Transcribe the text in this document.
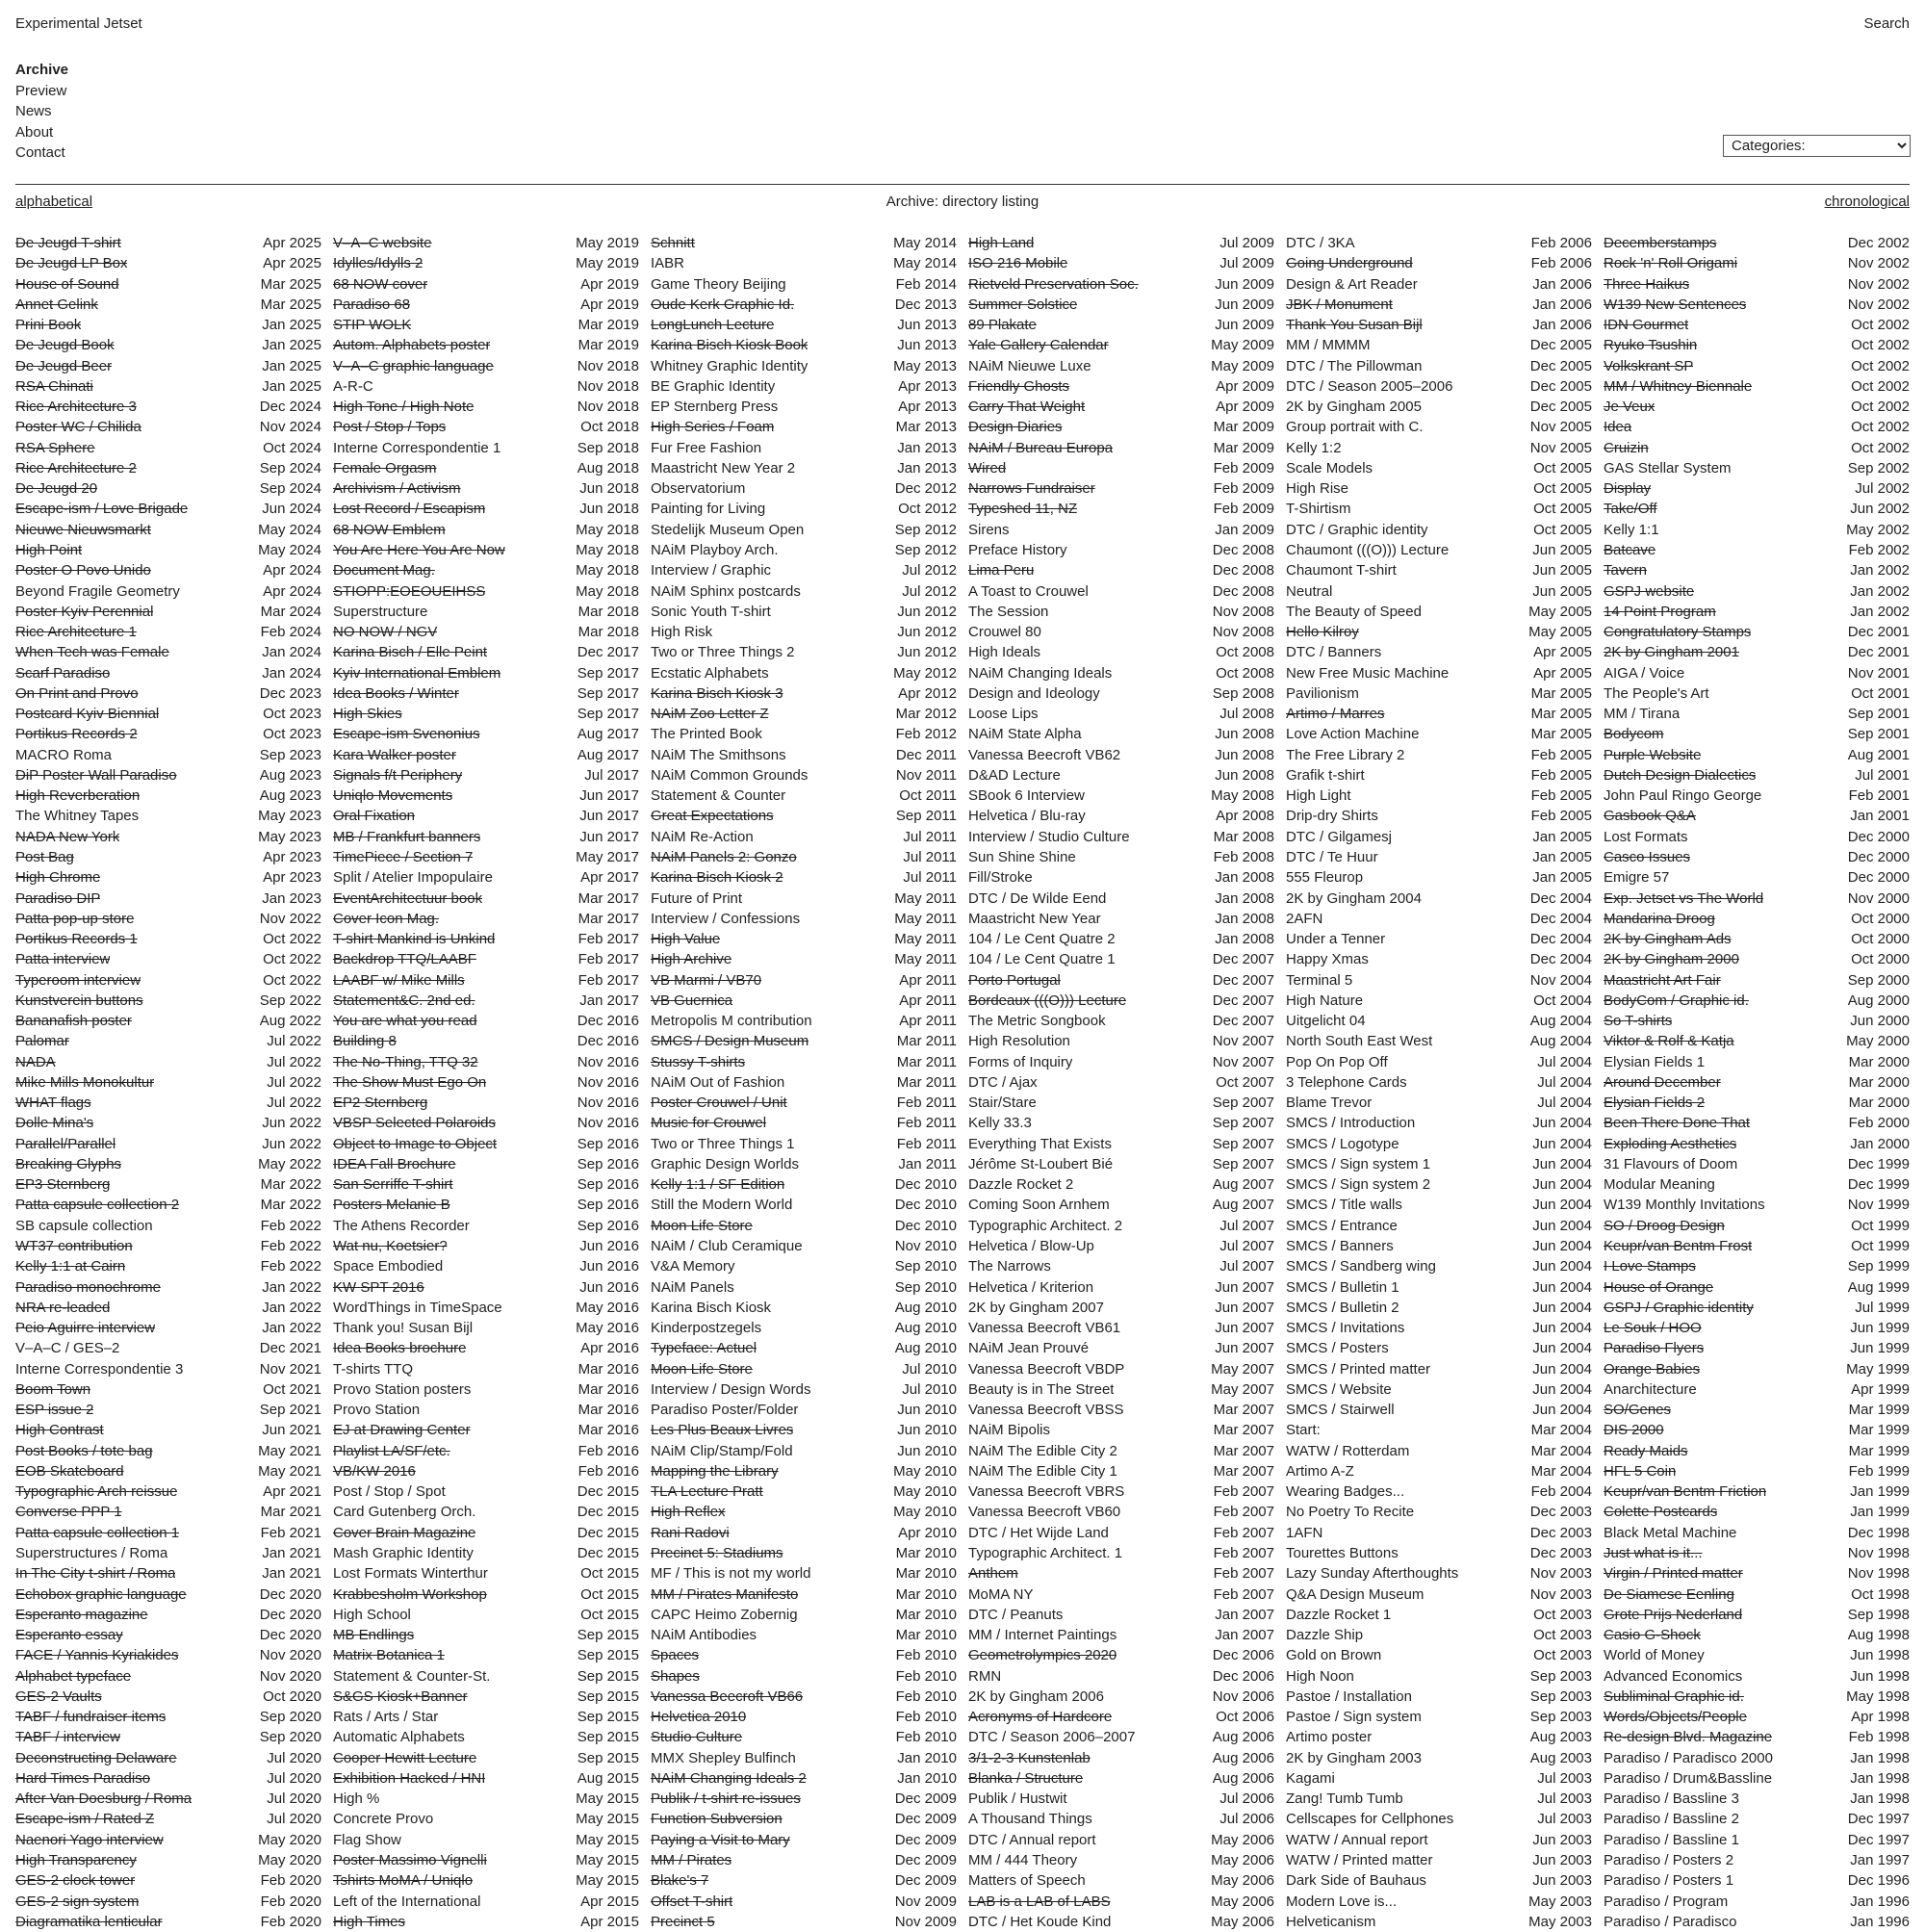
Experimental Jetset	Search
Archive
Preview
News
About
Contact
Categories:
alphabetical	Archive: directory listing	chronological
De Jeugd T-shirt	Apr 2025
De Jeugd LP Box	Apr 2025
House of Sound	Mar 2025
Annet Gelink	Mar 2025
Prini Book	Jan 2025
De Jeugd Book	Jan 2025
De Jeugd Beer	Jan 2025
RSA Chinati	Jan 2025
Rice Architecture 3	Dec 2024
Poster WC / Chilida	Nov 2024
RSA Sphere	Oct 2024
Rice Architecture 2	Sep 2024
De Jeugd 20	Sep 2024
Escape-ism / Love Brigade	Jun 2024
Nieuwe Nieuwsmarkt	May 2024
High Point	May 2024
Poster O Povo Unido	Apr 2024
Beyond Fragile Geometry	Apr 2024
Poster Kyiv Perennial	Mar 2024
Rice Architecture 1	Feb 2024
When Tech was Female	Jan 2024
Scarf Paradiso	Jan 2024
On Print and Provo	Dec 2023
Postcard Kyiv Biennial	Oct 2023
Portikus Records 2	Oct 2023
MACRO Roma	Sep 2023
DiP Poster Wall Paradiso	Aug 2023
High Reverberation	Aug 2023
The Whitney Tapes	May 2023
NADA New York	May 2023
Post Bag	Apr 2023
High Chrome	Apr 2023
Paradiso DIP	Jan 2023
Patta pop-up store	Nov 2022
Portikus Records 1	Oct 2022
Patta interview	Oct 2022
Typeroom interview	Oct 2022
Kunstverein buttons	Sep 2022
Bananafish poster	Aug 2022
Palomar	Jul 2022
NADA	Jul 2022
Mike Mills Monokultur	Jul 2022
WHAT flags	Jul 2022
Dolle Mina's	Jun 2022
Parallel/Parallel	Jun 2022
Breaking Glyphs	May 2022
EP3 Sternberg	Mar 2022
Patta capsule collection 2	Mar 2022
SB capsule collection	Feb 2022
WT37 contribution	Feb 2022
Kelly 1:1 at Cairn	Feb 2022
Paradiso monochrome	Jan 2022
NRA re-leaded	Jan 2022
Peio Aguirre interview	Jan 2022
V–A–C / GES–2	Dec 2021
Interne Correspondentie 3	Nov 2021
Boom Town	Oct 2021
ESP issue 2	Sep 2021
High Contrast	Jun 2021
Post Books / tote bag	May 2021
EOB Skateboard	May 2021
Typographic Arch reissue	Apr 2021
Converse PPP 1	Mar 2021
Patta capsule collection 1	Feb 2021
Superstructures / Roma	Jan 2021
In The City t-shirt / Roma	Jan 2021
Echobox graphic language	Dec 2020
Esperanto magazine	Dec 2020
Esperanto essay	Dec 2020
FACE / Yannis Kyriakides	Nov 2020
Alphabet typeface	Nov 2020
GES-2 Vaults	Oct 2020
TABF / fundraiser items	Sep 2020
TABF / interview	Sep 2020
Deconstructing Delaware	Jul 2020
Hard Times Paradiso	Jul 2020
After Van Doesburg / Roma	Jul 2020
Escape-ism / Rated Z	Jul 2020
Naenori Yago interview	May 2020
High Transparency	May 2020
GES-2 clock tower	Feb 2020
GES-2 sign system	Feb 2020
Diagramatika lenticular	Feb 2020
V–A–C website	May 2019
Idylles/Idylls 2	May 2019
68 NOW cover	Apr 2019
Paradiso 68	Apr 2019
STIP WOLK	Mar 2019
Autom. Alphabets poster	Mar 2019
V–A–C graphic language	Nov 2018
A-R-C	Nov 2018
High Tone / High Note	Nov 2018
Post / Stop / Tops	Oct 2018
Interne Correspondentie 1	Sep 2018
Female Orgasm	Aug 2018
Archivism / Activism	Jun 2018
Lost Record / Escapism	Jun 2018
68 NOW Emblem	May 2018
You Are Here You Are Now	May 2018
Document Mag.	May 2018
STIOPP:EOEOUEIHSS	May 2018
Superstructure	Mar 2018
NO NOW / NGV	Mar 2018
Karina Bisch / Elle Peint	Dec 2017
Kyiv International Emblem	Sep 2017
Idea Books / Winter	Sep 2017
High Skies	Sep 2017
Escape-ism Svenonius	Aug 2017
Kara Walker poster	Aug 2017
Signals f/t Periphery	Jul 2017
Uniqlo Movements	Jun 2017
Oral Fixation	Jun 2017
MB / Frankfurt banners	Jun 2017
TimePiece / Section 7	May 2017
Split / Atelier Impopulaire	Apr 2017
EventArchitectuur book	Mar 2017
Cover Icon Mag.	Mar 2017
T-shirt Mankind is Unkind	Feb 2017
Backdrop TTQ/LAABF	Feb 2017
LAABF w/ Mike Mills	Feb 2017
Statement&C. 2nd ed.	Jan 2017
You are what you read	Dec 2016
Building 8	Dec 2016
The No-Thing, TTQ 32	Nov 2016
The Show Must Ego On	Nov 2016
EP2 Sternberg	Nov 2016
VBSP Selected Polaroids	Nov 2016
Object to Image to Object	Sep 2016
IDEA Fall Brochure	Sep 2016
San Serriffe T-shirt	Sep 2016
Posters Melanie B	Sep 2016
The Athens Recorder	Sep 2016
Wat nu, Koetsier?	Jun 2016
Space Embodied	Jun 2016
KW SPT 2016	Jun 2016
WordThings in TimeSpace	May 2016
Thank you! Susan Bijl	May 2016
Idea Books brochure	Apr 2016
T-shirts TTQ	Mar 2016
Provo Station posters	Mar 2016
Provo Station	Mar 2016
EJ at Drawing Center	Mar 2016
Playlist LA/SF/etc.	Feb 2016
VB/KW 2016	Feb 2016
Post / Stop / Spot	Dec 2015
Card Gutenberg Orch.	Dec 2015
Cover Brain Magazine	Dec 2015
Mash Graphic Identity	Dec 2015
Lost Formats Winterthur	Oct 2015
Krabbesholm Workshop	Oct 2015
High School	Oct 2015
MB Endlings	Sep 2015
Matrix Botanica 1	Sep 2015
Statement & Counter-St.	Sep 2015
S&GS Kiosk+Banner	Sep 2015
Rats / Arts / Star	Sep 2015
Automatic Alphabets	Sep 2015
Cooper Hewitt Lecture	Sep 2015
Exhibition Hacked / HNI	Aug 2015
High %	May 2015
Concrete Provo	May 2015
Flag Show	May 2015
Poster Massimo Vignelli	May 2015
Tshirts MoMA / Uniqlo	May 2015
Left of the International	Apr 2015
High Times	Apr 2015
Schnitt	May 2014
IABR	May 2014
Game Theory Beijing	Feb 2014
Oude Kerk Graphic Id.	Dec 2013
LongLunch Lecture	Jun 2013
Karina Bisch Kiosk Book	Jun 2013
Whitney Graphic Identity	May 2013
BE Graphic Identity	Apr 2013
EP Sternberg Press	Apr 2013
High Series / Foam	Mar 2013
Fur Free Fashion	Jan 2013
Maastricht New Year 2	Jan 2013
Observatorium	Dec 2012
Painting for Living	Oct 2012
Stedelijk Museum Open	Sep 2012
NAiM Playboy Arch.	Sep 2012
Interview / Graphic	Jul 2012
NAiM Sphinx postcards	Jul 2012
Sonic Youth T-shirt	Jun 2012
High Risk	Jun 2012
Two or Three Things 2	Jun 2012
Ecstatic Alphabets	May 2012
Karina Bisch Kiosk 3	Apr 2012
NAiM Zoo Letter Z	Mar 2012
The Printed Book	Feb 2012
NAiM The Smithsons	Dec 2011
NAiM Common Grounds	Nov 2011
Statement & Counter	Oct 2011
Great Expectations	Sep 2011
NAiM Re-Action	Jul 2011
NAiM Panels 2: Gonzo	Jul 2011
Karina Bisch Kiosk 2	Jul 2011
Future of Print	May 2011
Interview / Confessions	May 2011
High Value	May 2011
High Archive	May 2011
VB Marmi / VB70	Apr 2011
VB Guernica	Apr 2011
Metropolis M contribution	Apr 2011
SMCS / Design Museum	Mar 2011
Stussy T-shirts	Mar 2011
NAiM Out of Fashion	Mar 2011
Poster Crouwel / Unit	Feb 2011
Music for Crouwel	Feb 2011
Two or Three Things 1	Feb 2011
Graphic Design Worlds	Jan 2011
Kelly 1:1 / SF Edition	Dec 2010
Still the Modern World	Dec 2010
Moon Life Store	Dec 2010
NAiM / Club Ceramique	Nov 2010
V&A Memory	Sep 2010
NAiM Panels	Sep 2010
Karina Bisch Kiosk	Aug 2010
Kinderpostzegels	Aug 2010
Typeface: Actuel	Aug 2010
Moon Life Store	Jul 2010
Interview / Design Words	Jul 2010
Paradiso Poster/Folder	Jun 2010
Les Plus Beaux Livres	Jun 2010
NAiM Clip/Stamp/Fold	Jun 2010
Mapping the Library	May 2010
TLA Lecture Pratt	May 2010
High Reflex	May 2010
Rani Radovi	Apr 2010
Precinct 5: Stadiums	Mar 2010
MF / This is not my world	Mar 2010
MM / Pirates Manifesto	Mar 2010
CAPC Heimo Zobernig	Mar 2010
NAiM Antibodies	Mar 2010
Spaces	Feb 2010
Shapes	Feb 2010
Vanessa Beecroft VB66	Feb 2010
Helvetica 2010	Feb 2010
Studio Culture	Feb 2010
MMX Shepley Bulfinch	Jan 2010
NAiM Changing Ideals 2	Jan 2010
Publik / t-shirt re-issues	Dec 2009
Function Subversion	Dec 2009
Paying a Visit to Mary	Dec 2009
MM / Pirates	Dec 2009
Blake's 7	Dec 2009
Offset T-shirt	Nov 2009
Precinct 5	Nov 2009
High Land	Jul 2009
ISO 216 Mobile	Jul 2009
Rietveld Preservation Soc.	Jun 2009
Summer Solstice	Jun 2009
89 Plakate	Jun 2009
Yale Gallery Calendar	May 2009
NAiM Nieuwe Luxe	May 2009
Friendly Ghosts	Apr 2009
Carry That Weight	Apr 2009
Design Diaries	Mar 2009
NAiM / Bureau Europa	Mar 2009
Wired	Feb 2009
Narrows Fundraiser	Feb 2009
Typeshed 11, NZ	Feb 2009
Sirens	Jan 2009
Preface History	Dec 2008
Lima Peru	Dec 2008
A Toast to Crouwel	Dec 2008
The Session	Nov 2008
Crouwel 80	Nov 2008
High Ideals	Oct 2008
NAiM Changing Ideals	Oct 2008
Design and Ideology	Sep 2008
Loose Lips	Jul 2008
NAiM State Alpha	Jun 2008
Vanessa Beecroft VB62	Jun 2008
D&AD Lecture	Jun 2008
SBook 6 Interview	May 2008
Helvetica / Blu-ray	Apr 2008
Interview / Studio Culture	Mar 2008
Sun Shine Shine	Feb 2008
Fill/Stroke	Jan 2008
DTC / De Wilde Eend	Jan 2008
Maastricht New Year	Jan 2008
104 / Le Cent Quatre 2	Jan 2008
104 / Le Cent Quatre 1	Dec 2007
Porto Portugal	Dec 2007
Bordeaux (((O))) Lecture	Dec 2007
The Metric Songbook	Dec 2007
High Resolution	Nov 2007
Forms of Inquiry	Nov 2007
DTC / Ajax	Oct 2007
Stair/Stare	Sep 2007
Kelly 33.3	Sep 2007
Everything That Exists	Sep 2007
Jérôme St-Loubert Bié	Sep 2007
Dazzle Rocket 2	Aug 2007
Coming Soon Arnhem	Aug 2007
Typographic Architect. 2	Jul 2007
Helvetica / Blow-Up	Jul 2007
The Narrows	Jul 2007
Helvetica / Kriterion	Jun 2007
2K by Gingham 2007	Jun 2007
Vanessa Beecroft VB61	Jun 2007
NAiM Jean Prouvé	Jun 2007
Vanessa Beecroft VBDP	May 2007
Beauty is in The Street	May 2007
Vanessa Beecroft VBSS	Mar 2007
NAiM Bipolis	Mar 2007
NAiM The Edible City 2	Mar 2007
NAiM The Edible City 1	Mar 2007
Vanessa Beecroft VBRS	Feb 2007
Vanessa Beecroft VB60	Feb 2007
DTC / Het Wijde Land	Feb 2007
Typographic Architect. 1	Feb 2007
Anthem	Feb 2007
MoMA NY	Feb 2007
DTC / Peanuts	Jan 2007
MM / Internet Paintings	Jan 2007
Geometrolympics 2020	Dec 2006
RMN	Dec 2006
2K by Gingham 2006	Nov 2006
Acronyms of Hardcore	Oct 2006
DTC / Season 2006–2007	Aug 2006
3/1-2-3 Kunstenlab	Aug 2006
Blanka / Structure	Aug 2006
Publik / Hustwit	Jul 2006
A Thousand Things	Jul 2006
DTC / Annual report	May 2006
MM / 444 Theory	May 2006
Matters of Speech	May 2006
LAB is a LAB of LABS	May 2006
DTC / Het Koude Kind	May 2006
DTC / 3KA	Feb 2006
Going Underground	Feb 2006
Design & Art Reader	Jan 2006
JBK / Monument	Jan 2006
Thank You Susan Bijl	Jan 2006
MM / MMMM	Dec 2005
DTC / The Pillowman	Dec 2005
DTC / Season 2005–2006	Dec 2005
2K by Gingham 2005	Dec 2005
Group portrait with C.	Nov 2005
Kelly 1:2	Nov 2005
Scale Models	Oct 2005
High Rise	Oct 2005
T-Shirtism	Oct 2005
DTC / Graphic identity	Oct 2005
Chaumont (((O))) Lecture	Jun 2005
Chaumont T-shirt	Jun 2005
Neutral	Jun 2005
The Beauty of Speed	May 2005
Hello Kilroy	May 2005
DTC / Banners	Apr 2005
New Free Music Machine	Apr 2005
Pavilionism	Mar 2005
Artimo / Marres	Mar 2005
Love Action Machine	Mar 2005
The Free Library 2	Feb 2005
Grafik t-shirt	Feb 2005
High Light	Feb 2005
Drip-dry Shirts	Feb 2005
DTC / Gilgamesj	Jan 2005
DTC / Te Huur	Jan 2005
555 Fleurop	Jan 2005
2K by Gingham 2004	Dec 2004
2AFN	Dec 2004
Under a Tenner	Dec 2004
Happy Xmas	Dec 2004
Terminal 5	Nov 2004
High Nature	Oct 2004
Uitgelicht 04	Aug 2004
North South East West	Aug 2004
Pop On Pop Off	Jul 2004
3 Telephone Cards	Jul 2004
Blame Trevor	Jul 2004
SMCS / Introduction	Jun 2004
SMCS / Logotype	Jun 2004
SMCS / Sign system 1	Jun 2004
SMCS / Sign system 2	Jun 2004
SMCS / Title walls	Jun 2004
SMCS / Entrance	Jun 2004
SMCS / Banners	Jun 2004
SMCS / Sandberg wing	Jun 2004
SMCS / Bulletin 1	Jun 2004
SMCS / Bulletin 2	Jun 2004
SMCS / Invitations	Jun 2004
SMCS / Posters	Jun 2004
SMCS / Printed matter	Jun 2004
SMCS / Website	Jun 2004
SMCS / Stairwell	Jun 2004
Start:	Mar 2004
WATW / Rotterdam	Mar 2004
Artimo A-Z	Mar 2004
Wearing Badges...	Feb 2004
No Poetry To Recite	Dec 2003
1AFN	Dec 2003
Tourettes Buttons	Dec 2003
Lazy Sunday Afterthoughts	Nov 2003
Q&A Design Museum	Nov 2003
Dazzle Rocket 1	Oct 2003
Dazzle Ship	Oct 2003
Gold on Brown	Oct 2003
High Noon	Sep 2003
Pastoe / Installation	Sep 2003
Pastoe / Sign system	Sep 2003
Artimo poster	Aug 2003
2K by Gingham 2003	Aug 2003
Kagami	Jul 2003
Zang! Tumb Tumb	Jul 2003
Cellscapes for Cellphones	Jul 2003
WATW / Annual report	Jun 2003
WATW / Printed matter	Jun 2003
Dark Side of Bauhaus	Jun 2003
Modern Love is...	May 2003
Helveticanism	May 2003
Decemberstamps	Dec 2002
Rock 'n' Roll Origami	Nov 2002
Three Haikus	Nov 2002
W139 New Sentences	Nov 2002
IDN Gourmet	Oct 2002
Ryuko Tsushin	Oct 2002
Volkskrant SP	Oct 2002
MM / Whitney Biennale	Oct 2002
Je Veux	Oct 2002
Idea	Oct 2002
Cruizin	Oct 2002
GAS Stellar System	Sep 2002
Display	Jul 2002
Take/Off	Jun 2002
Kelly 1:1	May 2002
Batcave	Feb 2002
Tavern	Jan 2002
GSPJ website	Jan 2002
14 Point Program	Jan 2002
Congratulatory Stamps	Dec 2001
2K by Gingham 2001	Dec 2001
AIGA / Voice	Nov 2001
The People's Art	Oct 2001
MM / Tirana	Sep 2001
Bodycom	Sep 2001
Purple Website	Aug 2001
Dutch Design Dialectics	Jul 2001
John Paul Ringo George	Feb 2001
Gasbook Q&A	Jan 2001
Lost Formats	Dec 2000
Casco Issues	Dec 2000
Emigre 57	Dec 2000
Exp. Jetset vs The World	Nov 2000
Mandarina Droog	Oct 2000
2K by Gingham Ads	Oct 2000
2K by Gingham 2000	Oct 2000
Maastricht Art Fair	Sep 2000
BodyCom / Graphic id.	Aug 2000
So T-shirts	Jun 2000
Viktor & Rolf & Katja	May 2000
Elysian Fields 1	Mar 2000
Around December	Mar 2000
Elysian Fields 2	Mar 2000
Been There Done That	Feb 2000
Exploding Aesthetics	Jan 2000
31 Flavours of Doom	Dec 1999
Modular Meaning	Dec 1999
W139 Monthly Invitations	Nov 1999
SO / Droog Design	Oct 1999
Keupr/van Bentm Frost	Oct 1999
I Love Stamps	Sep 1999
House of Orange	Aug 1999
GSPJ / Graphic identity	Jul 1999
Le Souk / HOO	Jun 1999
Paradiso Flyers	Jun 1999
Orange Babies	May 1999
Anarchitecture	Apr 1999
SO/Genes	Mar 1999
DIS 2000	Mar 1999
Ready Maids	Mar 1999
HFL 5 Coin	Feb 1999
Keupr/van Bentm Friction	Jan 1999
Colette Postcards	Jan 1999
Black Metal Machine	Dec 1998
Just what is it...	Nov 1998
Virgin / Printed matter	Nov 1998
De Siamese Eenling	Oct 1998
Grote Prijs Nederland	Sep 1998
Casio G-Shock	Aug 1998
World of Money	Jun 1998
Advanced Economics	Jun 1998
Subliminal Graphic id.	May 1998
Words/Objects/People	Apr 1998
Re-design Blvd. Magazine	Feb 1998
Paradiso / Paradisco 2000	Jan 1998
Paradiso / Drum&Bassline	Jan 1998
Paradiso / Bassline 3	Jan 1998
Paradiso / Bassline 2	Dec 1997
Paradiso / Bassline 1	Dec 1997
Paradiso / Posters 2	Jan 1997
Paradiso / Posters 1	Dec 1996
Paradiso / Program	Jan 1996
Paradiso / Paradisco	Jan 1996
